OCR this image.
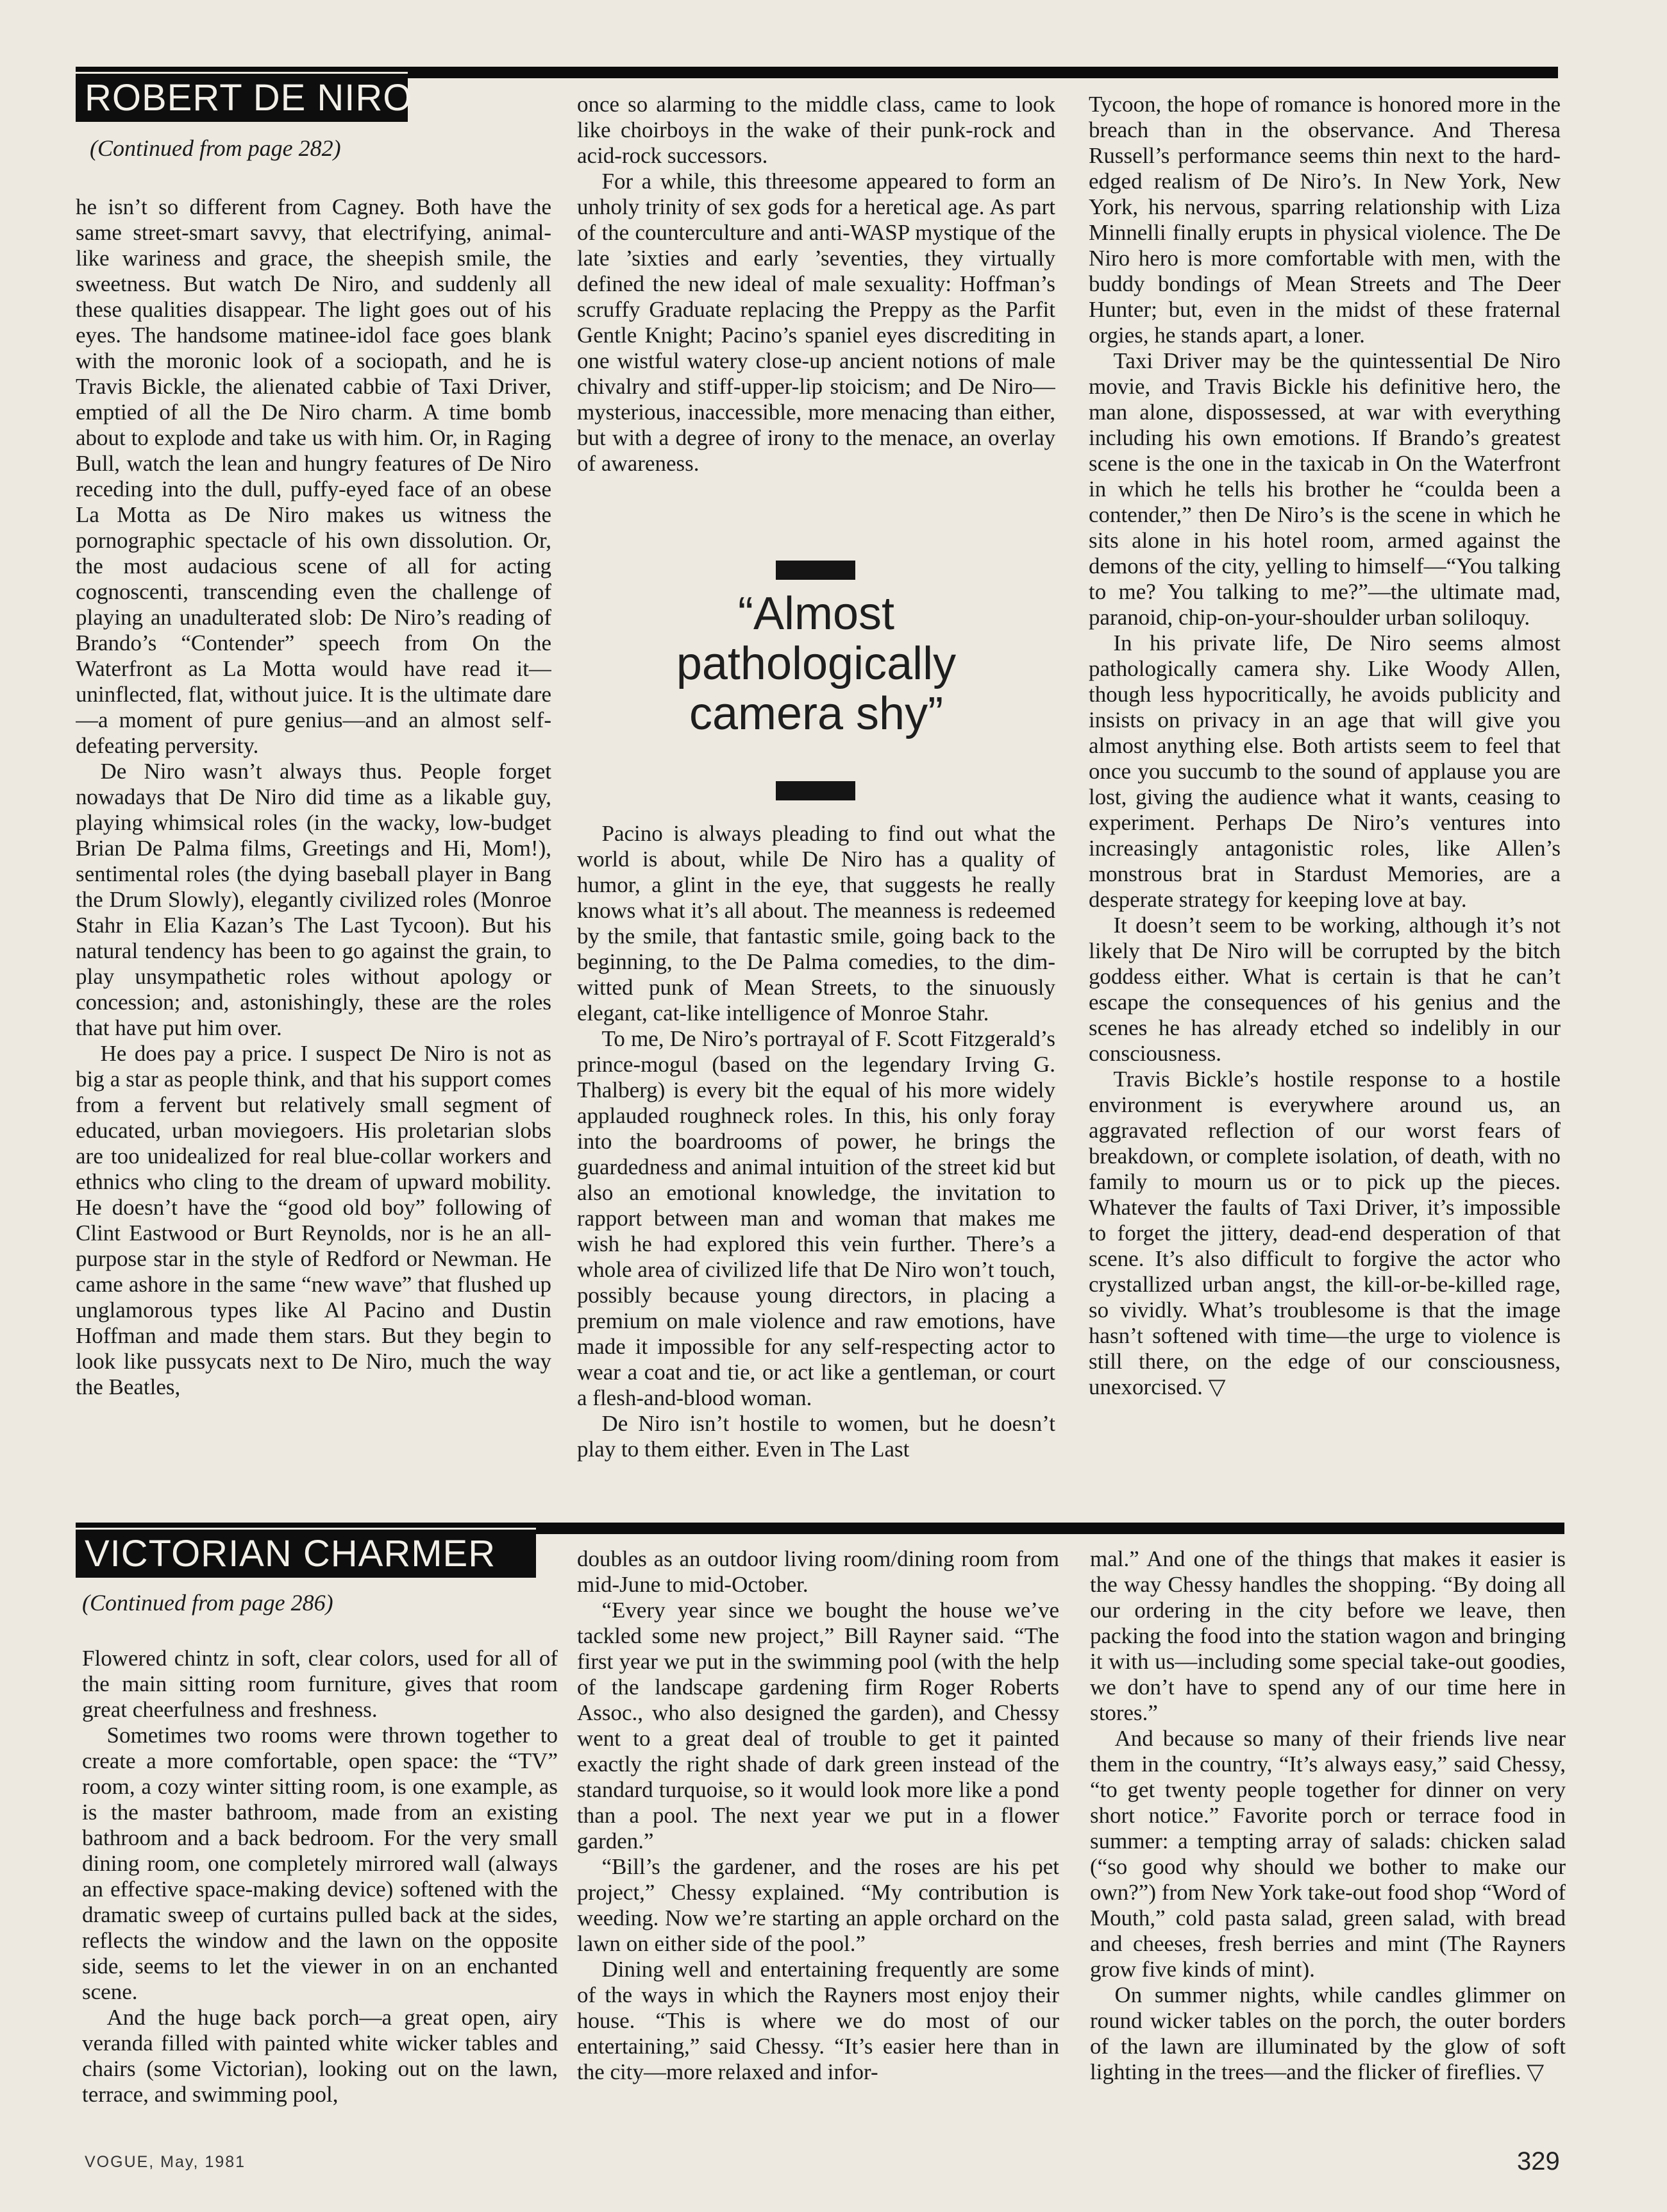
ROBERT DE NIRO
(Continued from page 282)

he isn’t so different from Cagney. Both have the same street-smart savvy, that electrifying, animal-like wariness and grace, the sheepish smile, the sweetness. But watch De Niro, and suddenly all these qualities disappear. The light goes out of his eyes. The handsome matinee-idol face goes blank with the moronic look of a sociopath, and he is Travis Bickle, the alienated cabbie of Taxi Driver, emptied of all the De Niro charm. A time bomb about to explode and take us with him. Or, in Raging Bull, watch the lean and hungry features of De Niro receding into the dull, puffy-eyed face of an obese La Motta as De Niro makes us witness the pornographic spectacle of his own dissolution. Or, the most audacious scene of all for acting cognoscenti, transcending even the challenge of playing an unadulterated slob: De Niro’s reading of Brando’s “Contender” speech from On the Waterfront as La Motta would have read it—uninflected, flat, without juice. It is the ultimate dare—a moment of pure genius—and an almost self-defeating perversity.

De Niro wasn’t always thus. People forget nowadays that De Niro did time as a likable guy, playing whimsical roles (in the wacky, low-budget Brian De Palma films, Greetings and Hi, Mom!), sentimental roles (the dying baseball player in Bang the Drum Slowly), elegantly civilized roles (Monroe Stahr in Elia Kazan’s The Last Tycoon). But his natural tendency has been to go against the grain, to play unsympathetic roles without apology or concession; and, astonishingly, these are the roles that have put him over.

He does pay a price. I suspect De Niro is not as big a star as people think, and that his support comes from a fervent but relatively small segment of educated, urban moviegoers. His proletarian slobs are too unidealized for real blue-collar workers and ethnics who cling to the dream of upward mobility. He doesn’t have the “good old boy” following of Clint Eastwood or Burt Reynolds, nor is he an all-purpose star in the style of Redford or Newman. He came ashore in the same “new wave” that flushed up unglamorous types like Al Pacino and Dustin Hoffman and made them stars. But they begin to look like pussycats next to De Niro, much the way the Beatles,

once so alarming to the middle class, came to look like choirboys in the wake of their punk-rock and acid-rock successors.

For a while, this threesome appeared to form an unholy trinity of sex gods for a heretical age. As part of the counterculture and anti-WASP mystique of the late ’sixties and early ’seventies, they virtually defined the new ideal of male sexuality: Hoffman’s scruffy Graduate replacing the Preppy as the Parfit Gentle Knight; Pacino’s spaniel eyes discrediting in one wistful watery close-up ancient notions of male chivalry and stiff-upper-lip stoicism; and De Niro—mysterious, inaccessible, more menacing than either, but with a degree of irony to the menace, an overlay of awareness.

“Almost
pathologically
camera shy”

Pacino is always pleading to find out what the world is about, while De Niro has a quality of humor, a glint in the eye, that suggests he really knows what it’s all about. The meanness is redeemed by the smile, that fantastic smile, going back to the beginning, to the De Palma comedies, to the dim-witted punk of Mean Streets, to the sinuously elegant, cat-like intelligence of Monroe Stahr.

To me, De Niro’s portrayal of F. Scott Fitzgerald’s prince-mogul (based on the legendary Irving G. Thalberg) is every bit the equal of his more widely applauded roughneck roles. In this, his only foray into the boardrooms of power, he brings the guardedness and animal intuition of the street kid but also an emotional knowledge, the invitation to rapport between man and woman that makes me wish he had explored this vein further. There’s a whole area of civilized life that De Niro won’t touch, possibly because young directors, in placing a premium on male violence and raw emotions, have made it impossible for any self-respecting actor to wear a coat and tie, or act like a gentleman, or court a flesh-and-blood woman.

De Niro isn’t hostile to women, but he doesn’t play to them either. Even in The Last

Tycoon, the hope of romance is honored more in the breach than in the observance. And Theresa Russell’s performance seems thin next to the hard-edged realism of De Niro’s. In New York, New York, his nervous, sparring relationship with Liza Minnelli finally erupts in physical violence. The De Niro hero is more comfortable with men, with the buddy bondings of Mean Streets and The Deer Hunter; but, even in the midst of these fraternal orgies, he stands apart, a loner.

Taxi Driver may be the quintessential De Niro movie, and Travis Bickle his definitive hero, the man alone, dispossessed, at war with everything including his own emotions. If Brando’s greatest scene is the one in the taxicab in On the Waterfront in which he tells his brother he “coulda been a contender,” then De Niro’s is the scene in which he sits alone in his hotel room, armed against the demons of the city, yelling to himself—“You talking to me? You talking to me?”—the ultimate mad, paranoid, chip-on-your-shoulder urban soliloquy.

In his private life, De Niro seems almost pathologically camera shy. Like Woody Allen, though less hypocritically, he avoids publicity and insists on privacy in an age that will give you almost anything else. Both artists seem to feel that once you succumb to the sound of applause you are lost, giving the audience what it wants, ceasing to experiment. Perhaps De Niro’s ventures into increasingly antagonistic roles, like Allen’s monstrous brat in Stardust Memories, are a desperate strategy for keeping love at bay.

It doesn’t seem to be working, although it’s not likely that De Niro will be corrupted by the bitch goddess either. What is certain is that he can’t escape the consequences of his genius and the scenes he has already etched so indelibly in our consciousness.

Travis Bickle’s hostile response to a hostile environment is everywhere around us, an aggravated reflection of our worst fears of breakdown, or complete isolation, of death, with no family to mourn us or to pick up the pieces. Whatever the faults of Taxi Driver, it’s impossible to forget the jittery, dead-end desperation of that scene. It’s also difficult to forgive the actor who crystallized urban angst, the kill-or-be-killed rage, so vividly. What’s troublesome is that the image hasn’t softened with time—the urge to violence is still there, on the edge of our consciousness, unexorcised. ▽

VICTORIAN CHARMER
(Continued from page 286)

Flowered chintz in soft, clear colors, used for all of the main sitting room furniture, gives that room great cheerfulness and freshness.

Sometimes two rooms were thrown together to create a more comfortable, open space: the “TV” room, a cozy winter sitting room, is one example, as is the master bathroom, made from an existing bathroom and a back bedroom. For the very small dining room, one completely mirrored wall (always an effective space-making device) softened with the dramatic sweep of curtains pulled back at the sides, reflects the window and the lawn on the opposite side, seems to let the viewer in on an enchanted scene.

And the huge back porch—a great open, airy veranda filled with painted white wicker tables and chairs (some Victorian), looking out on the lawn, terrace, and swimming pool,

doubles as an outdoor living room/dining room from mid-June to mid-October.

“Every year since we bought the house we’ve tackled some new project,” Bill Rayner said. “The first year we put in the swimming pool (with the help of the landscape gardening firm Roger Roberts Assoc., who also designed the garden), and Chessy went to a great deal of trouble to get it painted exactly the right shade of dark green instead of the standard turquoise, so it would look more like a pond than a pool. The next year we put in a flower garden.”

“Bill’s the gardener, and the roses are his pet project,” Chessy explained. “My contribution is weeding. Now we’re starting an apple orchard on the lawn on either side of the pool.”

Dining well and entertaining frequently are some of the ways in which the Rayners most enjoy their house. “This is where we do most of our entertaining,” said Chessy. “It’s easier here than in the city—more relaxed and infor-

mal.” And one of the things that makes it easier is the way Chessy handles the shopping. “By doing all our ordering in the city before we leave, then packing the food into the station wagon and bringing it with us—including some special take-out goodies, we don’t have to spend any of our time here in stores.”

And because so many of their friends live near them in the country, “It’s always easy,” said Chessy, “to get twenty people together for dinner on very short notice.” Favorite porch or terrace food in summer: a tempting array of salads: chicken salad (“so good why should we bother to make our own?”) from New York take-out food shop “Word of Mouth,” cold pasta salad, green salad, with bread and cheeses, fresh berries and mint (The Rayners grow five kinds of mint).

On summer nights, while candles glimmer on round wicker tables on the porch, the outer borders of the lawn are illuminated by the glow of soft lighting in the trees—and the flicker of fireflies. ▽

VOGUE, May, 1981	329
